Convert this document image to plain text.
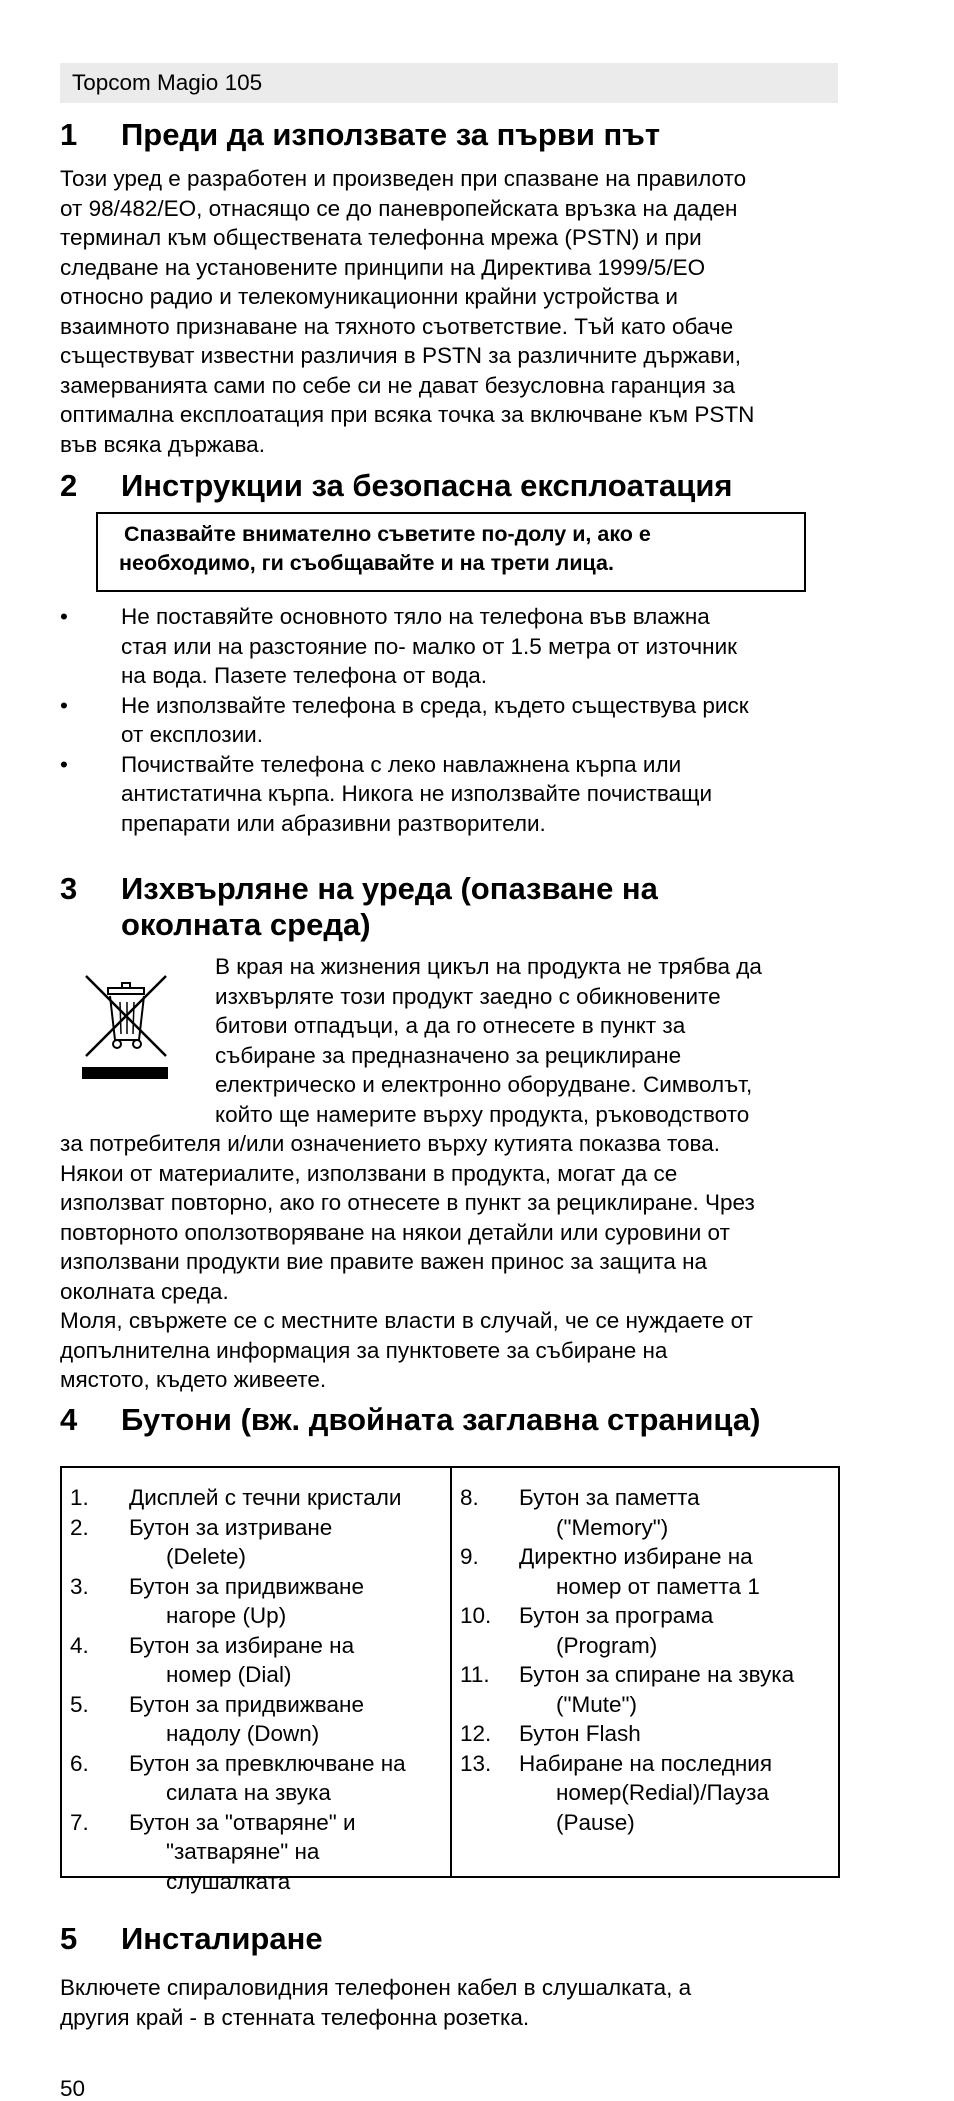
Topcom Magio 105
1 Преди да използвате за първи път
Този уред е разработен и произведен при спазване на правилото
от 98/482/EO, отнасящо се до паневропейската връзка на даден
терминал към обществената телефонна мрежа (PSTN) и при
следване на установените принципи на Директива 1999/5/EO
относно радио и телекомуникационни крайни устройства и
взаимното признаване на тяхното съответствие. Тъй като обаче
съществуват известни различия в PSTN за различните държави,
замерванията сами по себе си не дават безусловна гаранция за
оптимална експлоатация при всяка точка за включване към PSTN
във всяка държава.
2 Инструкции за безопасна експлоатация
Спазвайте внимателно съветите по-долу и, ако е
необходимо, ги съобщавайте и на трети лица.
• Не поставяйте основното тяло на телефона във влажна
стая или на разстояние по- малко от 1.5 метра от източник
на вода. Пазете телефона от вода.
• Не използвайте телефона в среда, където съществува риск
от експлозии.
• Почиствайте телефона с леко навлажнена кърпа или
антистатична кърпа. Никога не използвайте почистващи
препарати или абразивни разтворители.
3 Изхвърляне на уреда (опазване на
околната среда)
В края на жизнения цикъл на продукта не трябва да
изхвърляте този продукт заедно с обикновените
битови отпадъци, а да го отнесете в пункт за
събиране за предназначено за рециклиране
електрическо и електронно оборудване. Символът,
който ще намерите върху продукта, ръководството
за потребителя и/или означението върху кутията показва това.
Някои от материалите, използвани в продукта, могат да се
използват повторно, ако го отнесете в пункт за рециклиране. Чрез
повторното оползотворяване на някои детайли или суровини от
използвани продукти вие правите важен принос за защита на
околната среда.
Моля, свържете се с местните власти в случай, че се нуждаете от
допълнителна информация за пунктовете за събиране на
мястото, където живеете.
4 Бутони (вж. двойната заглавна страница)
1. Дисплей с течни кристали
2. Бутон за изтриване
(Delete)
3. Бутон за придвижване
нагоре (Up)
4. Бутон за избиране на
номер (Dial)
5. Бутон за придвижване
надолу (Down)
6. Бутон за превключване на
силата на звука
7. Бутон за "отваряне" и
"затваряне" на
слушалката
8. Бутон за паметта
("Memory")
9. Директно избиране на
номер от паметта 1
10. Бутон за програма
(Program)
11. Бутон за спиране на звука
("Mute")
12. Бутон Flash
13. Набиране на последния
номер(Redial)/Пауза
(Pause)
5 Инсталиране
Включете спираловидния телефонен кабел в слушалката, а
другия край - в стенната телефонна розетка.
50
